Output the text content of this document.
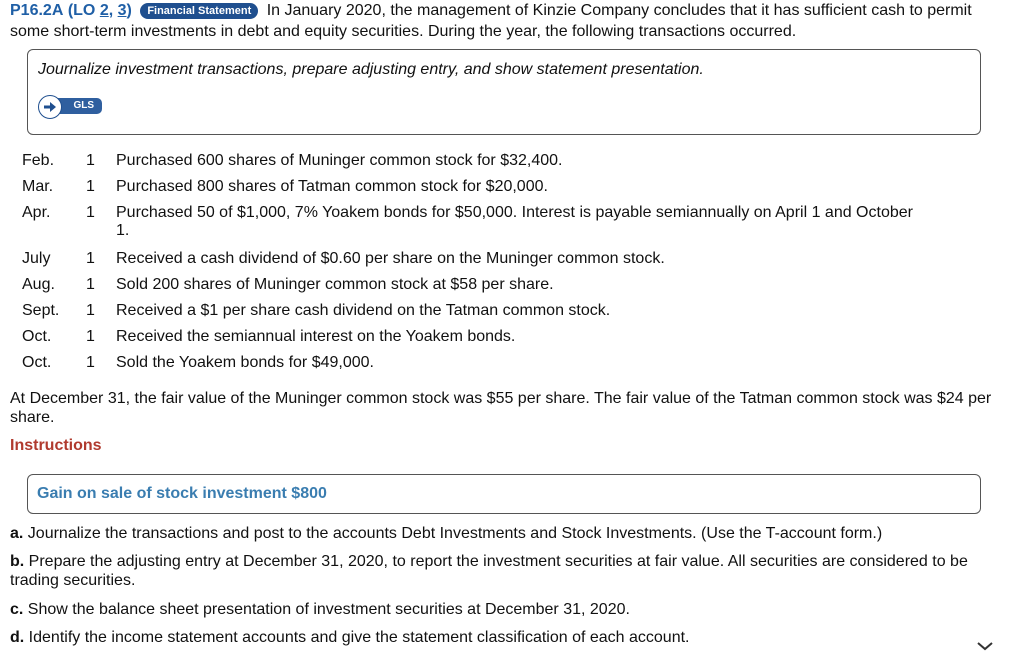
P16.2A (LO 2, 3) Financial Statement In January 2020, the management of Kinzie Company concludes that it has sufficient cash to permit some short-term investments in debt and equity securities. During the year, the following transactions occurred.
Journalize investment transactions, prepare adjusting entry, and show statement presentation.
GLS
Feb.	1	Purchased 600 shares of Muninger common stock for $32,400.
Mar.	1	Purchased 800 shares of Tatman common stock for $20,000.
Apr.	1	Purchased 50 of $1,000, 7% Yoakem bonds for $50,000. Interest is payable semiannually on April 1 and October 1.
July	1	Received a cash dividend of $0.60 per share on the Muninger common stock.
Aug.	1	Sold 200 shares of Muninger common stock at $58 per share.
Sept.	1	Received a $1 per share cash dividend on the Tatman common stock.
Oct.	1	Received the semiannual interest on the Yoakem bonds.
Oct.	1	Sold the Yoakem bonds for $49,000.
At December 31, the fair value of the Muninger common stock was $55 per share. The fair value of the Tatman common stock was $24 per share.
Instructions
Gain on sale of stock investment $800
a. Journalize the transactions and post to the accounts Debt Investments and Stock Investments. (Use the T-account form.)
b. Prepare the adjusting entry at December 31, 2020, to report the investment securities at fair value. All securities are considered to be trading securities.
c. Show the balance sheet presentation of investment securities at December 31, 2020.
d. Identify the income statement accounts and give the statement classification of each account.
